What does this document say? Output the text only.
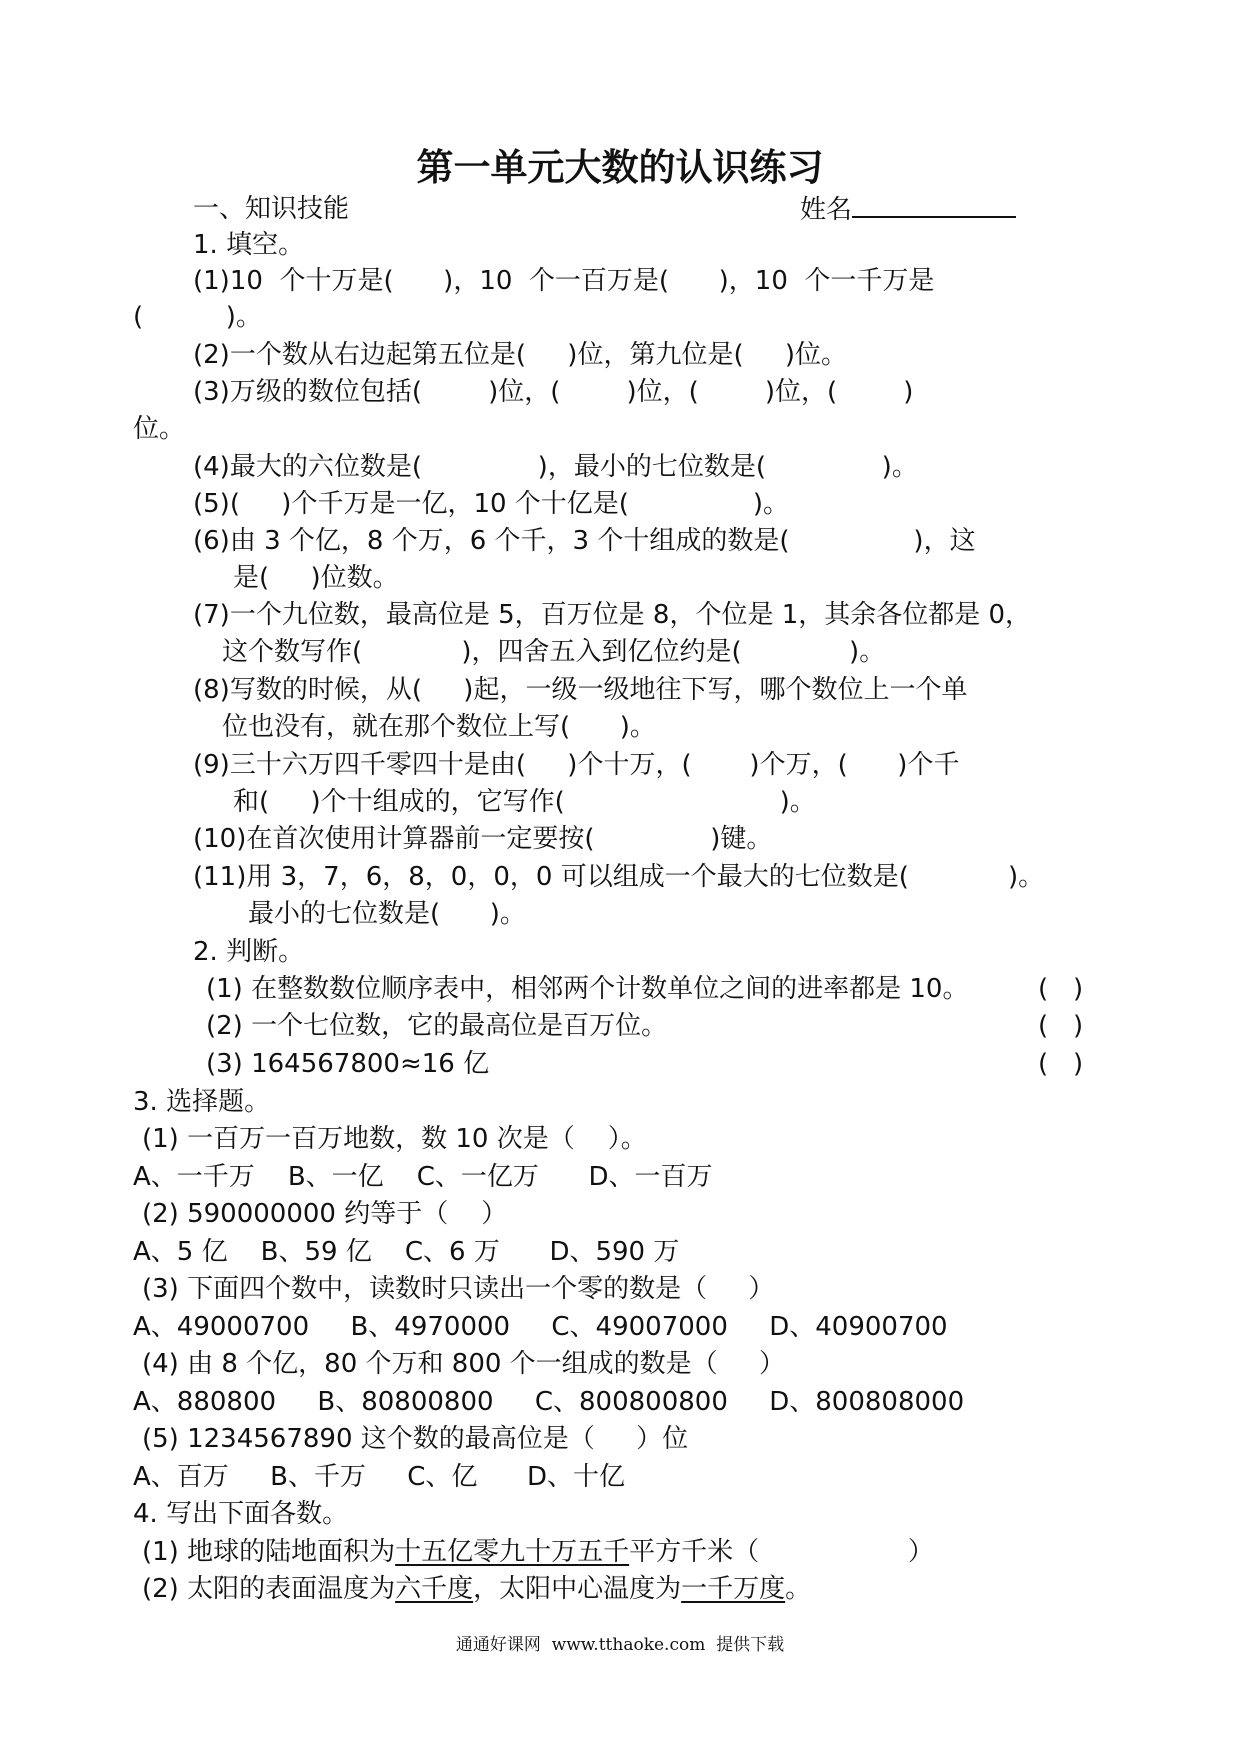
第一单元大数的认识练习
一、知识技能	姓名
1. 填空。
(1)10  个十万是(      )，10  个一百万是(      )，10  个一千万是
(          )。
(2)一个数从右边起第五位是(     )位，第九位是(     )位。
(3)万级的数位包括(        )位，(        )位，(        )位，(        )
位。
(4)最大的六位数是(              )，最小的七位数是(              )。
(5)(     )个千万是一亿，10 个十亿是(               )。
(6)由 3 个亿，8 个万，6 个千，3 个十组成的数是(               )，这
是(     )位数。
(7)一个九位数，最高位是 5，百万位是 8，个位是 1，其余各位都是 0，
这个数写作(            )，四舍五入到亿位约是(             )。
(8)写数的时候，从(     )起，一级一级地往下写，哪个数位上一个单
位也没有，就在那个数位上写(      )。
(9)三十六万四千零四十是由(     )个十万，(       )个万，(      )个千
和(     )个十组成的，它写作(                          )。
(10)在首次使用计算器前一定要按(              )键。
(11)用 3，7，6，8，0，0，0 可以组成一个最大的七位数是(            )。
最小的七位数是(      )。
2. 判断。
(1) 在整数数位顺序表中，相邻两个计数单位之间的进率都是 10。	(   )
(2) 一个七位数，它的最高位是百万位。	(   )
(3) 164567800≈16 亿	(   )
3. 选择题。
(1) 一百万一百万地数，数 10 次是（    ）。
A、一千万    B、一亿    C、一亿万      D、一百万
(2) 590000000 约等于（    ）
A、5 亿    B、59 亿    C、6 万      D、590 万
(3) 下面四个数中，读数时只读出一个零的数是（     ）
A、49000700     B、4970000     C、49007000     D、40900700
(4) 由 8 个亿，80 个万和 800 个一组成的数是（     ）
A、880800     B、80800800     C、800800800     D、800808000
(5) 1234567890 这个数的最高位是（     ）位
A、百万     B、千万     C、亿      D、十亿
4. 写出下面各数。
(1) 地球的陆地面积为十五亿零九十万五千平方千米（                  ）
(2) 太阳的表面温度为六千度，太阳中心温度为一千万度。
通通好课网  www.tthaoke.com  提供下载
